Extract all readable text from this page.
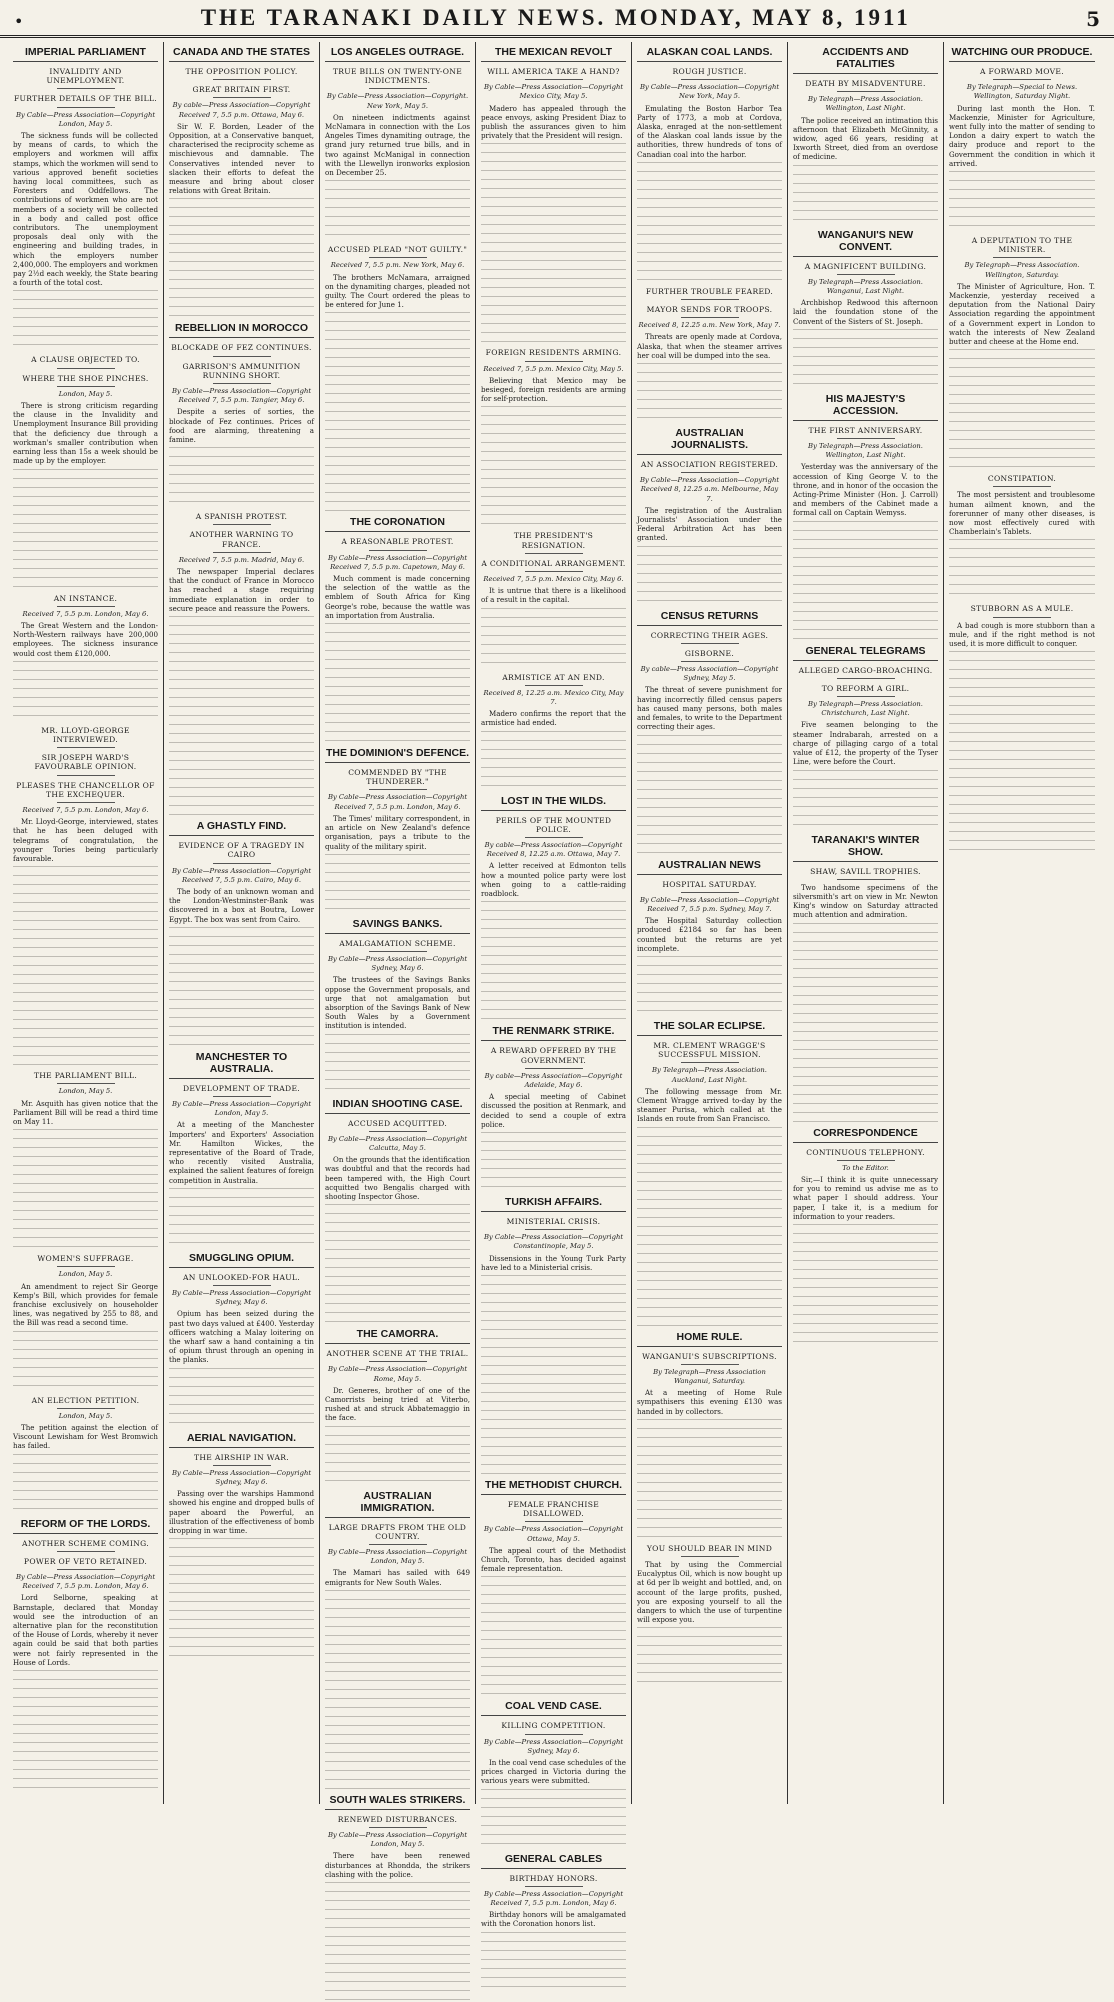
•	THE TARANAKI DAILY NEWS. MONDAY, MAY 8, 1911	5
IMPERIAL PARLIAMENT
INVALIDITY AND UNEMPLOYMENT.
FURTHER DETAILS OF THE BILL.
By Cable—Press Association—Copyright London, May 5.
The sickness funds will be collected by means of cards, to which the employers and workmen will affix stamps, which the workmen will send to various approved benefit societies having local committees, such as Foresters and Oddfellows. The contributions of workmen who are not members of a society will be collected in a body and called post office contributors. The unemployment proposals deal only with the engineering and building trades, in which the employers number 2,400,000. The employers and workmen pay 2½d each weekly, the State bearing a fourth of the total cost.
A CLAUSE OBJECTED TO.
WHERE THE SHOE PINCHES.
London, May 5.
There is strong criticism regarding the clause in the Invalidity and Unemployment Insurance Bill providing that the deficiency due through a workman's smaller contribution when earning less than 15s a week should be made up by the employer.
AN INSTANCE.
Received 7, 5.5 p.m. London, May 6.
The Great Western and the London-North-Western railways have 200,000 employees. The sickness insurance would cost them £120,000.
MR. LLOYD-GEORGE INTERVIEWED.
SIR JOSEPH WARD'S FAVOURABLE OPINION.
PLEASES THE CHANCELLOR OF THE EXCHEQUER.
Received 7, 5.5 p.m. London, May 6.
Mr. Lloyd-George, interviewed, states that he has been deluged with telegrams of congratulation, the younger Tories being particularly favourable.
THE PARLIAMENT BILL.
London, May 5.
Mr. Asquith has given notice that the Parliament Bill will be read a third time on May 11.
WOMEN'S SUFFRAGE.
London, May 5.
An amendment to reject Sir George Kemp's Bill, which provides for female franchise exclusively on householder lines, was negatived by 255 to 88, and the Bill was read a second time.
AN ELECTION PETITION.
London, May 5.
The petition against the election of Viscount Lewisham for West Bromwich has failed.
REFORM OF THE LORDS.
ANOTHER SCHEME COMING.
POWER OF VETO RETAINED.
By Cable—Press Association—Copyright Received 7, 5.5 p.m. London, May 6.
Lord Selborne, speaking at Barnstaple, declared that Monday would see the introduction of an alternative plan for the reconstitution of the House of Lords, whereby it never again could be said that both parties were not fairly represented in the House of Lords.
CANADA AND THE STATES
THE OPPOSITION POLICY.
GREAT BRITAIN FIRST.
By cable—Press Association—Copyright Received 7, 5.5 p.m. Ottawa, May 6.
Sir W. F. Borden, Leader of the Opposition, at a Conservative banquet, characterised the reciprocity scheme as mischievous and damnable. The Conservatives intended never to slacken their efforts to defeat the measure and bring about closer relations with Great Britain.
REBELLION IN MOROCCO
BLOCKADE OF FEZ CONTINUES.
GARRISON'S AMMUNITION RUNNING SHORT.
By Cable—Press Association—Copyright Received 7, 5.5 p.m. Tangier, May 6.
Despite a series of sorties, the blockade of Fez continues. Prices of food are alarming, threatening a famine.
A SPANISH PROTEST.
ANOTHER WARNING TO FRANCE.
Received 7, 5.5 p.m. Madrid, May 6.
The newspaper Imperial declares that the conduct of France in Morocco has reached a stage requiring immediate explanation in order to secure peace and reassure the Powers.
A GHASTLY FIND.
EVIDENCE OF A TRAGEDY IN CAIRO
By Cable—Press Association—Copyright Received 7, 5.5 p.m. Cairo, May 6.
The body of an unknown woman and the London-Westminster-Bank was discovered in a box at Boutra, Lower Egypt. The box was sent from Cairo.
MANCHESTER TO AUSTRALIA.
DEVELOPMENT OF TRADE.
By Cable—Press Association—Copyright London, May 5.
At a meeting of the Manchester Importers' and Exporters' Association Mr. Hamilton Wickes, the representative of the Board of Trade, who recently visited Australia, explained the salient features of foreign competition in Australia.
SMUGGLING OPIUM.
AN UNLOOKED-FOR HAUL.
By Cable—Press Association—Copyright Sydney, May 6.
Opium has been seized during the past two days valued at £400. Yesterday officers watching a Malay loitering on the wharf saw a hand containing a tin of opium thrust through an opening in the planks.
AERIAL NAVIGATION.
THE AIRSHIP IN WAR.
By Cable—Press Association—Copyright Sydney, May 6.
Passing over the warships Hammond showed his engine and dropped bulls of paper aboard the Powerful, an illustration of the effectiveness of bomb dropping in war time.
LOS ANGELES OUTRAGE.
TRUE BILLS ON TWENTY-ONE INDICTMENTS.
By Cable—Press Association—Copyright. New York, May 5.
On nineteen indictments against McNamara in connection with the Los Angeles Times dynamiting outrage, the grand jury returned true bills, and in two against McManigal in connection with the Llewellyn ironworks explosion on December 25.
ACCUSED PLEAD "NOT GUILTY."
Received 7, 5.5 p.m. New York, May 6.
The brothers McNamara, arraigned on the dynamiting charges, pleaded not guilty. The Court ordered the pleas to be entered for June 1.
THE CORONATION
A REASONABLE PROTEST.
By Cable—Press Association—Copyright Received 7, 5.5 p.m. Capetown, May 6.
Much comment is made concerning the selection of the wattle as the emblem of South Africa for King George's robe, because the wattle was an importation from Australia.
THE DOMINION'S DEFENCE.
COMMENDED BY "THE THUNDERER."
By Cable—Press Association—Copyright Received 7, 5.5 p.m. London, May 6.
The Times' military correspondent, in an article on New Zealand's defence organisation, pays a tribute to the quality of the military spirit.
SAVINGS BANKS.
AMALGAMATION SCHEME.
By Cable—Press Association—Copyright Sydney, May 6.
The trustees of the Savings Banks oppose the Government proposals, and urge that not amalgamation but absorption of the Savings Bank of New South Wales by a Government institution is intended.
INDIAN SHOOTING CASE.
ACCUSED ACQUITTED.
By Cable—Press Association—Copyright Calcutta, May 5.
On the grounds that the identification was doubtful and that the records had been tampered with, the High Court acquitted two Bengalis charged with shooting Inspector Ghose.
THE CAMORRA.
ANOTHER SCENE AT THE TRIAL.
By Cable—Press Association—Copyright Rome, May 5.
Dr. Generes, brother of one of the Camorrists being tried at Viterbo, rushed at and struck Abbatemaggio in the face.
AUSTRALIAN IMMIGRATION.
LARGE DRAFTS FROM THE OLD COUNTRY.
By Cable—Press Association—Copyright London, May 5.
The Mamari has sailed with 649 emigrants for New South Wales.
SOUTH WALES STRIKERS.
RENEWED DISTURBANCES.
By Cable—Press Association—Copyright London, May 5.
There have been renewed disturbances at Rhondda, the strikers clashing with the police.
THE MEXICAN REVOLT
WILL AMERICA TAKE A HAND?
By Cable—Press Association—Copyright Mexico City, May 5.
Madero has appealed through the peace envoys, asking President Diaz to publish the assurances given to him privately that the President will resign.
FOREIGN RESIDENTS ARMING.
Received 7, 5.5 p.m. Mexico City, May 5.
Believing that Mexico may be besieged, foreign residents are arming for self-protection.
THE PRESIDENT'S RESIGNATION.
A CONDITIONAL ARRANGEMENT.
Received 7, 5.5 p.m. Mexico City, May 6.
It is untrue that there is a likelihood of a result in the capital.
ARMISTICE AT AN END.
Received 8, 12.25 a.m. Mexico City, May 7.
Madero confirms the report that the armistice had ended.
LOST IN THE WILDS.
PERILS OF THE MOUNTED POLICE.
By cable—Press Association—Copyright Received 8, 12.25 a.m. Ottawa, May 7.
A letter received at Edmonton tells how a mounted police party were lost when going to a cattle-raiding roadblock.
THE RENMARK STRIKE.
A REWARD OFFERED BY THE GOVERNMENT.
By cable—Press Association—Copyright Adelaide, May 6.
A special meeting of Cabinet discussed the position at Renmark, and decided to send a couple of extra police.
TURKISH AFFAIRS.
MINISTERIAL CRISIS.
By Cable—Press Association—Copyright Constantinople, May 5.
Dissensions in the Young Turk Party have led to a Ministerial crisis.
THE METHODIST CHURCH.
FEMALE FRANCHISE DISALLOWED.
By Cable—Press Association—Copyright Ottawa, May 5.
The appeal court of the Methodist Church, Toronto, has decided against female representation.
COAL VEND CASE.
KILLING COMPETITION.
By Cable—Press Association—Copyright Sydney, May 6.
In the coal vend case schedules of the prices charged in Victoria during the various years were submitted.
GENERAL CABLES
BIRTHDAY HONORS.
By Cable—Press Association—Copyright Received 7, 5.5 p.m. London, May 6.
Birthday honors will be amalgamated with the Coronation honors list.
ALASKAN COAL LANDS.
ROUGH JUSTICE.
By Cable—Press Association—Copyright New York, May 5.
Emulating the Boston Harbor Tea Party of 1773, a mob at Cordova, Alaska, enraged at the non-settlement of the Alaskan coal lands issue by the authorities, threw hundreds of tons of Canadian coal into the harbor.
FURTHER TROUBLE FEARED.
MAYOR SENDS FOR TROOPS.
Received 8, 12.25 a.m. New York, May 7.
Threats are openly made at Cordova, Alaska, that when the steamer arrives her coal will be dumped into the sea.
AUSTRALIAN JOURNALISTS.
AN ASSOCIATION REGISTERED.
By Cable—Press Association—Copyright Received 8, 12.25 a.m. Melbourne, May 7.
The registration of the Australian Journalists' Association under the Federal Arbitration Act has been granted.
CENSUS RETURNS
CORRECTING THEIR AGES.
GISBORNE.
By cable—Press Association—Copyright Sydney, May 5.
The threat of severe punishment for having incorrectly filled census papers has caused many persons, both males and females, to write to the Department correcting their ages.
AUSTRALIAN NEWS
HOSPITAL SATURDAY.
By Cable—Press Association—Copyright Received 7, 5.5 p.m. Sydney, May 7.
The Hospital Saturday collection produced £2184 so far has been counted but the returns are yet incomplete.
THE SOLAR ECLIPSE.
MR. CLEMENT WRAGGE'S SUCCESSFUL MISSION.
By Telegraph—Press Association. Auckland, Last Night.
The following message from Mr. Clement Wragge arrived to-day by the steamer Purisa, which called at the Islands en route from San Francisco.
HOME RULE.
WANGANUI'S SUBSCRIPTIONS.
By Telegraph—Press Association Wanganui, Saturday.
At a meeting of Home Rule sympathisers this evening £130 was handed in by collectors.
YOU SHOULD BEAR IN MIND
That by using the Commercial Eucalyptus Oil, which is now bought up at 6d per lb weight and bottled, and, on account of the large profits, pushed, you are exposing yourself to all the dangers to which the use of turpentine will expose you.
ACCIDENTS AND FATALITIES
DEATH BY MISADVENTURE.
By Telegraph—Press Association. Wellington, Last Night.
The police received an intimation this afternoon that Elizabeth McGinnity, a widow, aged 66 years, residing at Ixworth Street, died from an overdose of medicine.
WANGANUI'S NEW CONVENT.
A MAGNIFICENT BUILDING.
By Telegraph—Press Association. Wanganui, Last Night.
Archbishop Redwood this afternoon laid the foundation stone of the Convent of the Sisters of St. Joseph.
HIS MAJESTY'S ACCESSION.
THE FIRST ANNIVERSARY.
By Telegraph—Press Association. Wellington, Last Night.
Yesterday was the anniversary of the accession of King George V. to the throne, and in honor of the occasion the Acting-Prime Minister (Hon. J. Carroll) and members of the Cabinet made a formal call on Captain Wemyss.
GENERAL TELEGRAMS
ALLEGED CARGO-BROACHING.
TO REFORM A GIRL.
By Telegraph—Press Association. Christchurch, Last Night.
Five seamen belonging to the steamer Indrabarah, arrested on a charge of pillaging cargo of a total value of £12, the property of the Tyser Line, were before the Court.
TARANAKI'S WINTER SHOW.
SHAW, SAVILL TROPHIES.
Two handsome specimens of the silversmith's art on view in Mr. Newton King's window on Saturday attracted much attention and admiration.
CORRESPONDENCE
CONTINUOUS TELEPHONY.
To the Editor.
Sir,—I think it is quite unnecessary for you to remind us advise me as to what paper I should address. Your paper, I take it, is a medium for information to your readers.
WATCHING OUR PRODUCE.
A FORWARD MOVE.
By Telegraph—Special to News. Wellington, Saturday Night.
During last month the Hon. T. Mackenzie, Minister for Agriculture, went fully into the matter of sending to London a dairy expert to watch the dairy produce and report to the Government the condition in which it arrived.
A DEPUTATION TO THE MINISTER.
By Telegraph—Press Association. Wellington, Saturday.
The Minister of Agriculture, Hon. T. Mackenzie, yesterday received a deputation from the National Dairy Association regarding the appointment of a Government expert in London to watch the interests of New Zealand butter and cheese at the Home end.
CONSTIPATION.
The most persistent and troublesome human ailment known, and the forerunner of many other diseases, is now most effectively cured with Chamberlain's Tablets.
STUBBORN AS A MULE.
A bad cough is more stubborn than a mule, and if the right method is not used, it is more difficult to conquer.
